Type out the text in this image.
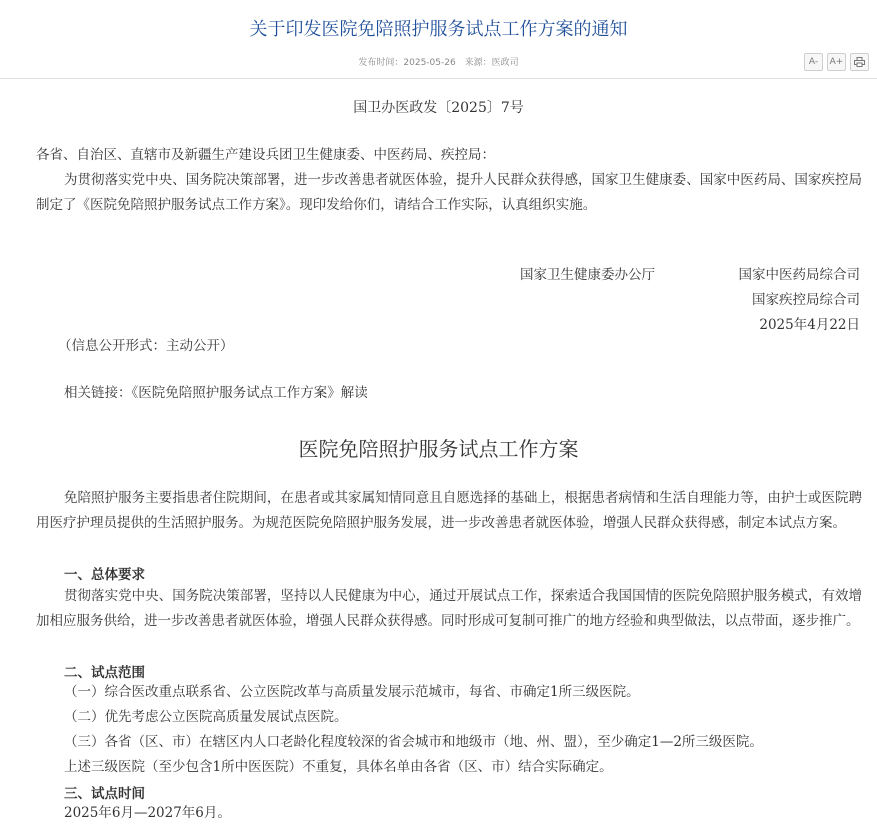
关于印发医院免陪照护服务试点工作方案的通知
发布时间：2025-05-26 来源：医政司	A-	A+
国卫办医政发〔2025〕7号
各省、自治区、直辖市及新疆生产建设兵团卫生健康委、中医药局、疾控局：
为贯彻落实党中央、国务院决策部署，进一步改善患者就医体验，提升人民群众获得感，国家卫生健康委、国家中医药局、国家疾控局制定了《医院免陪照护服务试点工作方案》。现印发给你们，请结合工作实际，认真组织实施。
国家卫生健康委办公厅	国家中医药局综合司
国家疾控局综合司
2025年4月22日
（信息公开形式：主动公开）
相关链接：《医院免陪照护服务试点工作方案》解读
医院免陪照护服务试点工作方案
免陪照护服务主要指患者住院期间，在患者或其家属知情同意且自愿选择的基础上，根据患者病情和生活自理能力等，由护士或医院聘用医疗护理员提供的生活照护服务。为规范医院免陪照护服务发展，进一步改善患者就医体验，增强人民群众获得感，制定本试点方案。
一、总体要求
贯彻落实党中央、国务院决策部署，坚持以人民健康为中心，通过开展试点工作，探索适合我国国情的医院免陪照护服务模式，有效增加相应服务供给，进一步改善患者就医体验，增强人民群众获得感。同时形成可复制可推广的地方经验和典型做法，以点带面，逐步推广。
二、试点范围
（一）综合医改重点联系省、公立医院改革与高质量发展示范城市，每省、市确定1所三级医院。
（二）优先考虑公立医院高质量发展试点医院。
（三）各省（区、市）在辖区内人口老龄化程度较深的省会城市和地级市（地、州、盟），至少确定1—2所三级医院。
上述三级医院（至少包含1所中医医院）不重复，具体名单由各省（区、市）结合实际确定。
三、试点时间
2025年6月—2027年6月。
